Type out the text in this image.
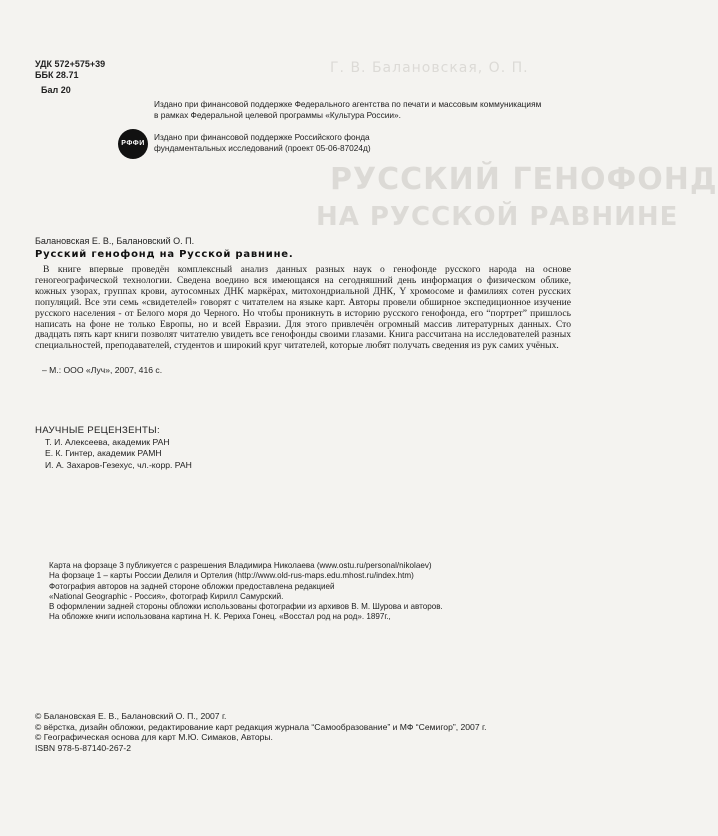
Г. В. Балановская, О. П.
РУССКИЙ ГЕНОФОНД
НА РУССКОЙ РАВНИНЕ
УДК 572+575+39
ББК 28.71
Бал 20
Издано при финансовой поддержке Федерального агентства по печати и массовым коммуникациям
в рамках Федеральной целевой программы «Культура России».
РФФИ
Издано при финансовой поддержке Российского фонда
фундаментальных исследований (проект 05-06-87024д)
Балановская Е. В., Балановский О. П.
Русский генофонд на Русской равнине.

В книге впервые проведён комплексный анализ данных разных наук о генофонде русского народа на основе геногеографической технологии. Сведена воедино вся имеющаяся на сегодняшний день информация о физическом облике, кожных узорах, группах крови, аутосомных ДНК маркёрах, митохондриальной ДНК, Y хромосоме и фамилиях сотен русских популяций. Все эти семь «свидетелей» говорят с читателем на языке карт. Авторы провели обширное экспедиционное изучение русского населения - от Белого моря до Черного. Но чтобы проникнуть в историю русского генофонда, его “портрет” пришлось написать на фоне не только Европы, но и всей Евразии. Для этого привлечён огромный массив литературных данных. Сто двадцать пять карт книги позволят читателю увидеть все генофонды своими глазами. Книга рассчитана на исследователей разных специальностей, преподавателей, студентов и широкий круг читателей, которые любят получать сведения из рук самих учёных.

– М.: ООО «Луч», 2007, 416 с.
НАУЧНЫЕ РЕЦЕНЗЕНТЫ:
Т. И. Алексеева, академик РАН
Е. К. Гинтер, академик РАМН
И. А. Захаров-Гезехус, чл.-корр. РАН
Карта на форзаце 3 публикуется с разрешения Владимира Николаева (www.ostu.ru/personal/nikolaev)
На форзаце 1 – карты России Делиля и Ортелия (http://www.old-rus-maps.edu.mhost.ru/index.htm)
Фотография авторов на задней стороне обложки предоставлена редакцией
«National Geographic - Россия», фотограф Кирилл Самурский.
В оформлении задней стороны обложки использованы фотографии из архивов В. М. Шурова и авторов.
На обложке книги использована картина Н. К. Рериха Гонец. «Восстал род на род». 1897г.,
© Балановская Е. В., Балановский О. П., 2007 г.
© вёрстка, дизайн обложки, редактирование карт редакция журнала “Самообразование” и МФ “Семигор”, 2007 г.
© Географическая основа для карт М.Ю. Симаков, Авторы.
ISBN 978-5-87140-267-2
